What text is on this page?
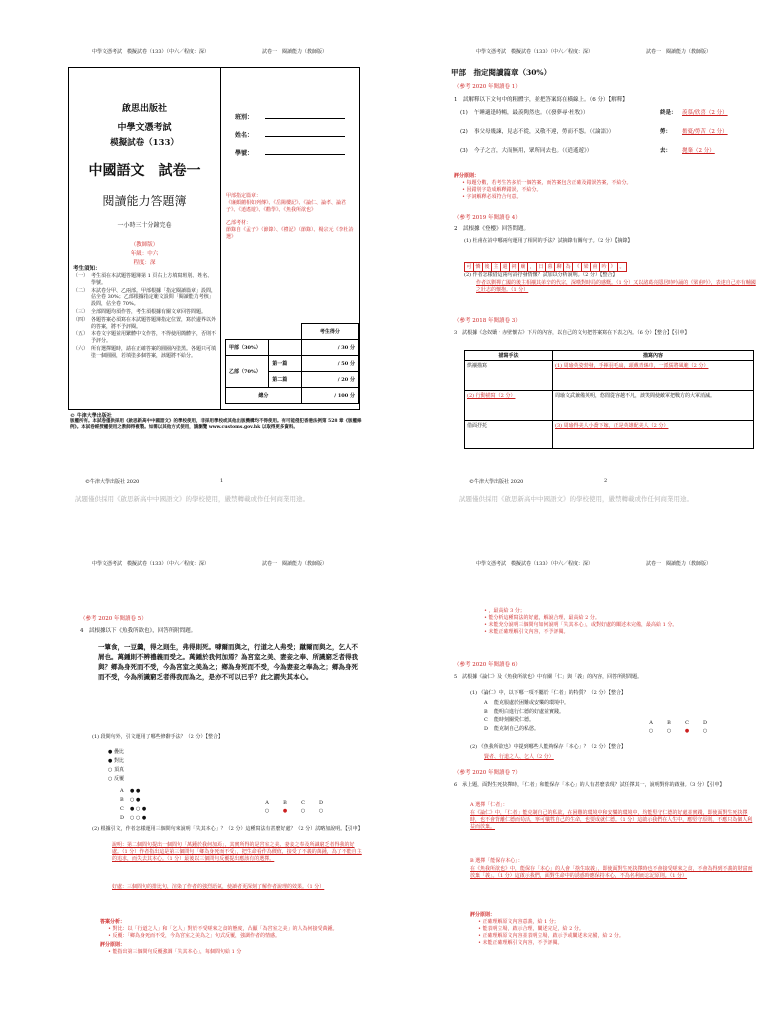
中學文憑考試　模擬試卷（133）（中六／程度：深）	試卷一　閱讀能力（教師版）
啟思出版社
中學文憑考試
模擬試卷（133）
中國語文　試卷一
閱讀能力答題簿
一小時三十分鐘完卷
（教師版）
年級：中六
程度：深
班別：
姓名：
學號：
甲部指定篇章：
《廉頗藺相如列傳》、《岳陽樓記》、《論仁、論孝、論君子》、《逍遙遊》、《勸學》、《魚我所欲也》
乙部考材：
節錄自《孟子》（節錄）、《禮記》（節錄）、楊宗元《李杜詩選》
考生須知：
（一） 考生須在本試題答題簿第 1 頁右上方填寫班別、姓名、學號。
（二） 本試卷分甲、乙兩部。甲部根據「指定閱讀篇章」設問，佔全卷 30%；乙部根據指定範文設問「閱讀能力考核」設問，佔全卷 70%。
（三） 全部問題均須作答，考生須根據有關文章回答問題。
（四） 各題答案必須寫在本試題答題簿指定位置，寫於邊界以外的答案，將不予評閱。
（五） 本卷文字題並用繁體中文作答，不得使用簡體字，否則不予評分。
（六） 所有選擇題時，請在正確答案的圓圈內塗黑。各題只可填塗一個圓圈，若填塗多個答案，該題將不給分。
		考生得分
甲部（30%）		/ 30 分
乙部（70%）	第一篇	/ 50 分
	第二篇	/ 20 分
總分		/ 100 分
© 牛津大學出版社
版權所有。本試卷僅供採用《啟思新高中中國語文》的學校使用，非採用學校或其他出版機構均不得使用。有可能侵犯香港法例第 528 章《版權條例》。本試卷經授權使用之教師得複製。如需以其他方式使用，請瀏覽 www.customs.gov.hk 以取得更多資料。
©牛津大學出版社 2020	1
試題僅供採用《啟思新高中中國語文》的學校使用，嚴禁轉載或作任何商業用途。
中學文憑考試　模擬試卷（133）（中六／程度：深）	試卷一　閱讀能力（教師版）
甲部　指定閱讀篇章（30%）
（參考 2020 年閱讀卷 1）
1　試解釋以下文句中的粗體字，並把答案寫在橫線上。（6 分）【解釋】
(1) 午睡適逢時暢，最羨陶然也。（《發夢尋·杜牧》）	終是： 羨慕/欣喜（2 分）
(2) 事父母幾諫，見志不從，又敬不違，勞而不怨。（《論語》）	勞： 擔憂/勞苦（2 分）
(3) 今子之言，大而無用，眾所同去也。（《逍遙遊》）	去： 拋棄（2 分）
評分原則：
• 每題分數，若考生答多於一個答案，而答案包含正確及錯誤答案，不給分。
• 因錯別字造成解釋錯誤，不給分。
• 字詞解釋必須符合句意。
（參考 2019 年閱讀卷 4）
2　試根據《登樓》回答問題。
(1) 杜甫在詩中哪兩句運用了相同的手法？試摘錄有關句子。（2 分）【摘錄】
可 憐 後 主 還 祠 廟 ， 日 暮 聊 為 《 梁 甫 吟 》 。
(2) 作者怎樣借這兩句詩抒發情懷？試加以分析說明。（2 分）【整合】
作者以劉禪亡國的後主相襯其弟辛的代宗，深嘆對時局的感慨。（1 分）又以諸葛亮隱居時吟誦的《梁甫吟》，表達自己亦有輔國之壯志的懷抱。（1 分）
（參考 2018 年閱讀卷 3）
3　試根據《念奴嬌‧赤壁懷古》下片的內容，以自己的文句把答案寫在下表之內。（6 分）【整合】【引申】
描寫手法	描寫內容
烘襯描寫	(1) 周瑜英姿勃發，手揮羽毛扇，頭戴青絲巾，一派儒將風範（2 分）
(2) 行動描寫（2 分）	周瑜文武兼備英明，悠閒從容越不凡，談笑間使敵軍把戰方的大軍消滅。
借面抒托	(3) 周瑜得美人小喬下嫁，正是英雄配美人（2 分）
©牛津大學出版社 2020	2
試題僅供採用《啟思新高中中國語文》的學校使用，嚴禁轉載或作任何商業用途。
中學文憑考試　模擬試卷（133）（中六／程度：深）	試卷一　閱讀能力（教師版）
（參考 2020 年閱讀卷 5）
4　試根據以下《魚我所欲也》，回答所附問題。
一簞食，一豆羹，得之則生，弗得則死。嘑爾而與之，行道之人弗受；蹴爾而與之，乞人不屑也。萬鍾則不辨禮義而受之。萬鍾於我何加焉？為宮室之美、妻妾之奉、所識窮乏者得我與？鄉為身死而不受，今為宮室之美為之；鄉為身死而不受，今為妻妾之奉為之；鄉為身死而不受，今為所識窮乏者得我而為之，是亦不可以已乎？此之謂失其本心。
(1) 段間句外，引文運用了哪些修辭手法？（2 分）【整合】
● 疊比
● 對比
○ 頂真
○ 反覆
A ● ●
B ○ ●
C ● ○ ●
D ○ ○ ●
A	B	C	D
○	●	○	○
(2) 根據引文，作者怎樣運用三個問句來說明「失其本心」？（2 分）這種寫法有甚麼好處？（2 分）試略加說明。【引申】
說明：第二個問句提出一個問句「萬鍾於我何加焉」，其實所得的是宮室之美、妻妾之奉及所識窮乏者得我的好處。（1 分）作者指出這是第三個問句「鄉為身死而不受」，把生命看作為價值，接受了不義的萬鍾，為了不能自主的追求，而失去其本心。（1 分）最後以三個問句反覆提出應該有的選擇。
好處：三個問句的排比句，渲染了作者的強烈語氣，使讀者更深刻了解作者說理的效果。（1 分）
答案分析：
• 對比：以「行道之人」和「乞人」對於不受嗟來之食的態度，凸顯「為宮室之美」的人為何接受萬鍾。
• 反覆：「鄉為身死而不受，今為宮室之美為之」句式反覆，強調作者的情感。
評分原則：
• 能指出第三個問句反覆強調「失其本心」，每個問句給 1 分
中學文憑考試　模擬試卷（133）（中六／程度：深）	試卷一　閱讀能力（教師版）
• ，最高給 3 分；
• 能分析這種寫法的好處，解說合理，最高給 2 分。
• 未能充分說明三個問句如何說明「失其本心」，或對好處的闡述未完備，最高給 1 分。
• 未能正確理解引文內容，不予評閱。
（參考 2020 年閱讀卷 6）
5　試根據《論仁》及《魚我所欲也》中有關「仁」與「義」的內容，回答所附問題。
(1) 《論仁》中，以下哪一項不屬於「仁者」的特質？（2 分）【整合】
A 能克服處於困難或安樂的環境中。
B 能明白進行仁德的好處並實踐。
C 能時刻關愛仁德。
D 能克制自己的私慾。
A	B	C	D
○	○	●	○
(2) 《魚我所欲也》中提到哪些人能夠保存「本心」？（2 分）【整合】
賢者、行道之人、乞人（2 分）
（參考 2020 年閱讀卷 7）
6　承上題，面對生死抉擇時，「仁者」和能保存「本心」的人有甚麼表現？試任擇其一，說明對你的啟發。（3 分）【引申】
A 選擇「仁者」：
在《論仁》中，「仁者」能克制自己的私欲，在困難的環境中和安樂的環境中，均能堅守仁德的好處並實踐，即使面對生死抉擇時，也不會背離仁德而茍活，寧可犧牲自己的生命，也要成就仁德。（1 分）這啟示我們在人生中，應堅守原則，不應只為個人利益而放棄。
B 選擇「能保存本心」：
在《魚我所欲也》中，能保存「本心」的人會「捨生取義」，即使面對生死抉擇時也不會接受嗟來之食，不會為得到不義的財富而放棄「義」。（1 分）這啟示我們，面對生命中的誘惑時應保持本心，不為名利而忘記原則。（1 分）
評分原則：
• 正確理解原文內容意義，給 1 分；
• 能表明立場，啟示合理，闡述完足，給 2 分。
• 正確理解原文內容並表明立場，啟示予或闡述未完備，給 2 分。
• 未能正確理解引文內容，不予評閱。
